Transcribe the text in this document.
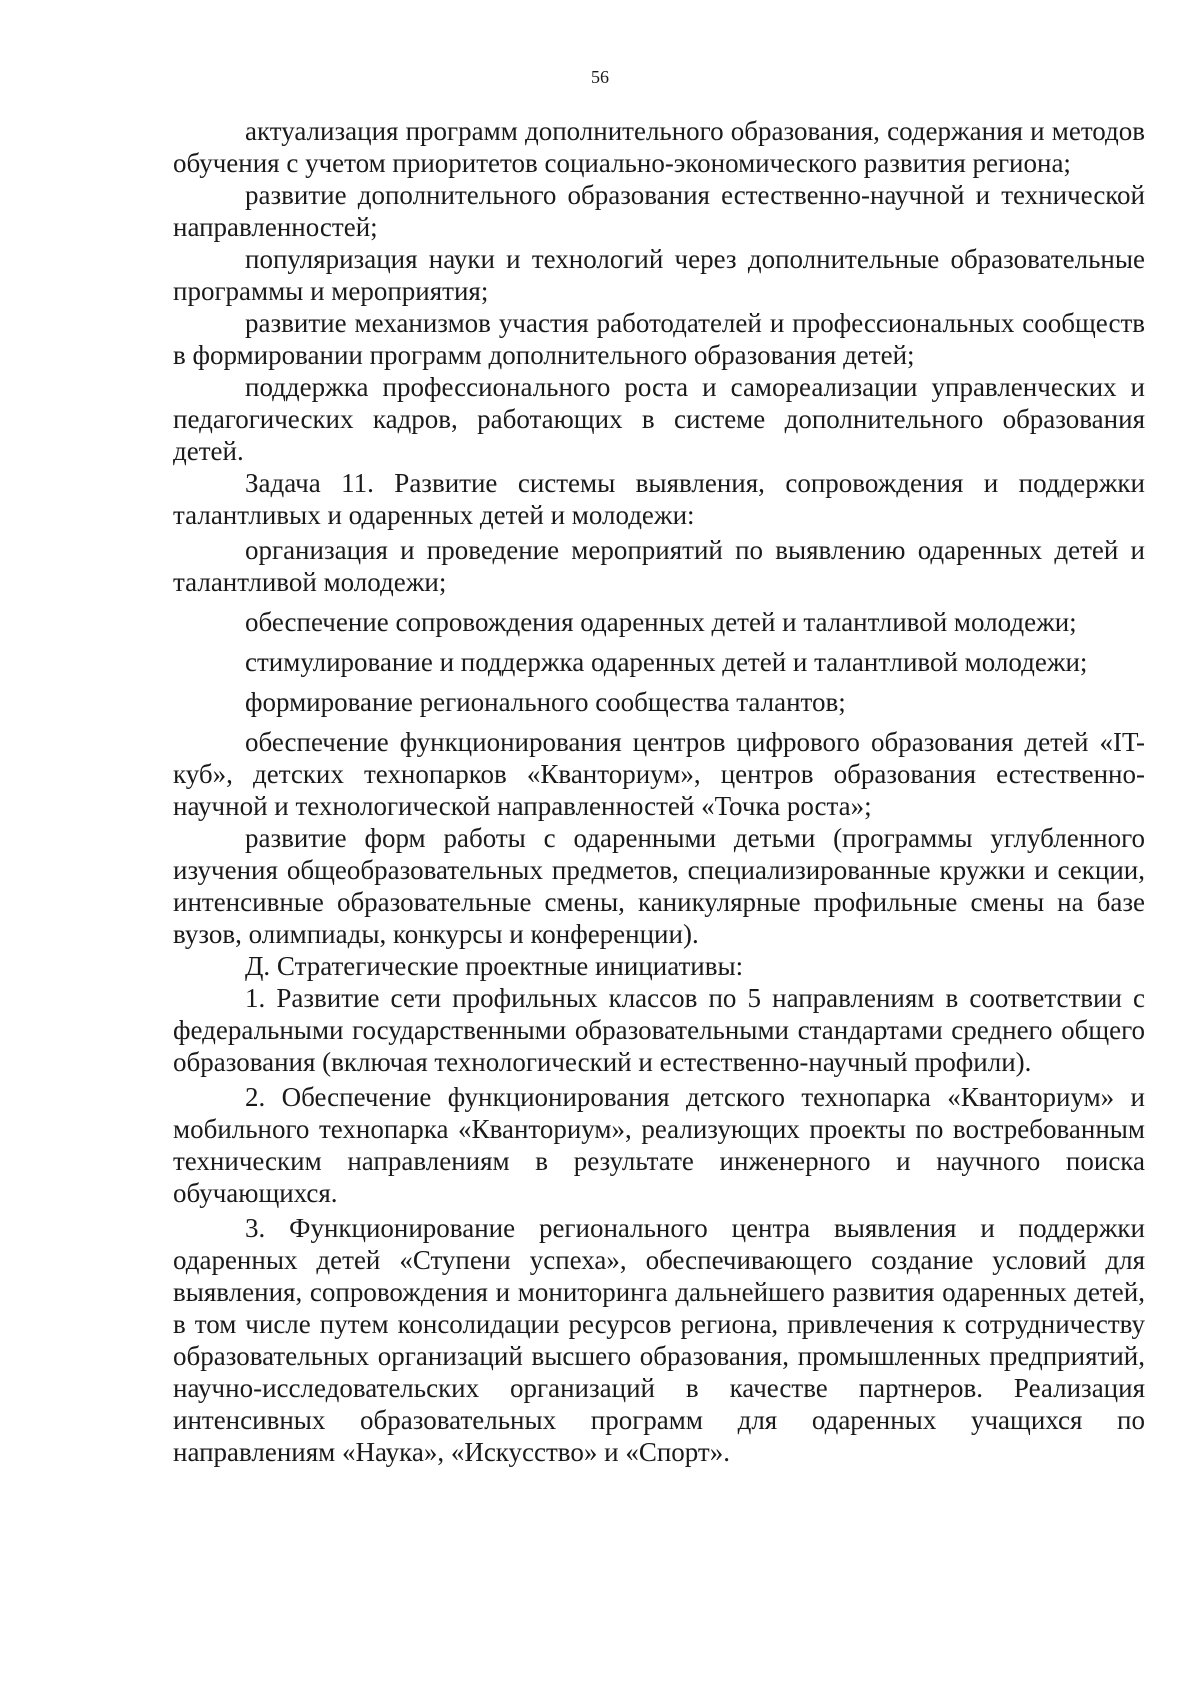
56

актуализация программ дополнительного образования, содержания и методов обучения с учетом приоритетов социально-экономического развития региона;

развитие дополнительного образования естественно-научной и технической направленностей;

популяризация науки и технологий через дополнительные образовательные программы и мероприятия;

развитие механизмов участия работодателей и профессиональных сообществ в формировании программ дополнительного образования детей;

поддержка профессионального роста и самореализации управленческих и педагогических кадров, работающих в системе дополнительного образования детей.

Задача 11. Развитие системы выявления, сопровождения и поддержки талантливых и одаренных детей и молодежи:

организация и проведение мероприятий по выявлению одаренных детей и талантливой молодежи;

обеспечение сопровождения одаренных детей и талантливой молодежи;

стимулирование и поддержка одаренных детей и талантливой молодежи;

формирование регионального сообщества талантов;

обеспечение функционирования центров цифрового образования детей «IT-куб», детских технопарков «Кванториум», центров образования естественно-научной и технологической направленностей «Точка роста»;

развитие форм работы с одаренными детьми (программы углубленного изучения общеобразовательных предметов, специализированные кружки и секции, интенсивные образовательные смены, каникулярные профильные смены на базе вузов, олимпиады, конкурсы и конференции).

Д. Стратегические проектные инициативы:

1. Развитие сети профильных классов по 5 направлениям в соответствии с федеральными государственными образовательными стандартами среднего общего образования (включая технологический и естественно-научный профили).

2. Обеспечение функционирования детского технопарка «Кванториум» и мобильного технопарка «Кванториум», реализующих проекты по востребованным техническим направлениям в результате инженерного и научного поиска обучающихся.

3. Функционирование регионального центра выявления и поддержки одаренных детей «Ступени успеха», обеспечивающего создание условий для выявления, сопровождения и мониторинга дальнейшего развития одаренных детей, в том числе путем консолидации ресурсов региона, привлечения к сотрудничеству образовательных организаций высшего образования, промышленных предприятий, научно-исследовательских организаций в качестве партнеров. Реализация интенсивных образовательных программ для одаренных учащихся по направлениям «Наука», «Искусство» и «Спорт».
